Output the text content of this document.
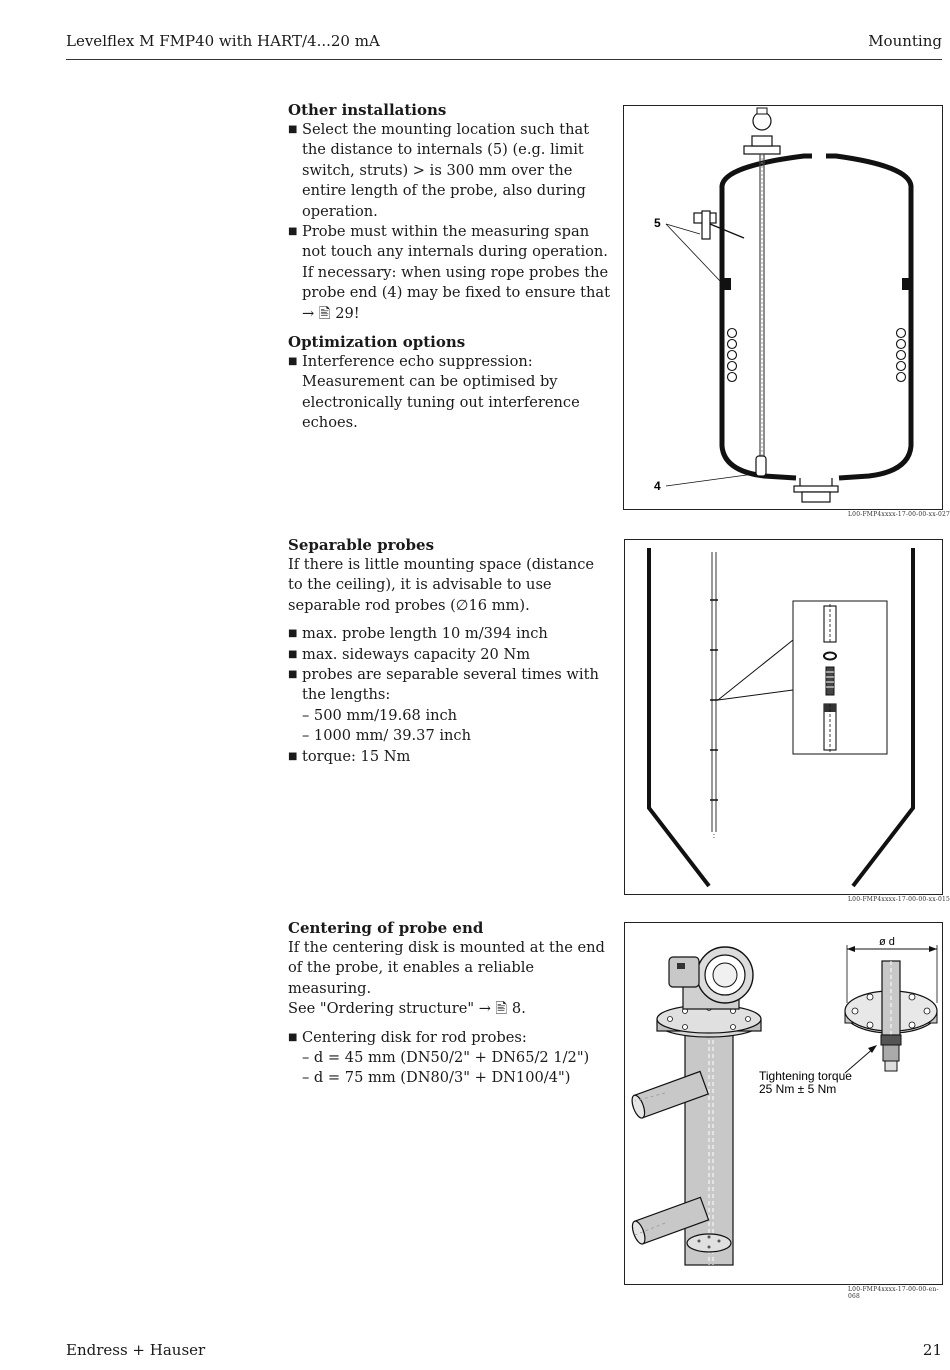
Levelflex M FMP40 with HART/4...20 mA	Mounting
Other installations
■ Select the mounting location such that the distance to internals (5) (e.g. limit switch, struts) > is 300 mm over the entire length of the probe, also during operation.
■ Probe must within the measuring span not touch any internals during operation. If necessary: when using rope probes the probe end (4) may be fixed to ensure that → 🖹 29!
Optimization options
■ Interference echo suppression: Measurement can be optimised by electronically tuning out interference echoes.
Separable probes

If there is little mounting space (distance to the ceiling), it is advisable to use separable rod probes (∅16 mm).

■ max. probe length 10 m/394 inch
■ max. sideways capacity 20 Nm
■ probes are separable several times with the lengths:
– 500 mm/19.68 inch
– 1000 mm/ 39.37 inch
■ torque: 15 Nm
Centering of probe end

If the centering disk is mounted at the end of the probe, it enables a reliable measuring.

See "Ordering structure" → 🖹 8.

■ Centering disk for rod probes:
– d = 45 mm (DN50/2" + DN65/2 1/2")
– d = 75 mm (DN80/3" + DN100/4")
5
4
L00-FMP4xxxx-17-00-00-xx-027
L00-FMP4xxxx-17-00-00-xx-015
ø d
Tightening torque
25 Nm ± 5 Nm
L00-FMP4xxxx-17-00-00-en-068
Endress + Hauser	21
